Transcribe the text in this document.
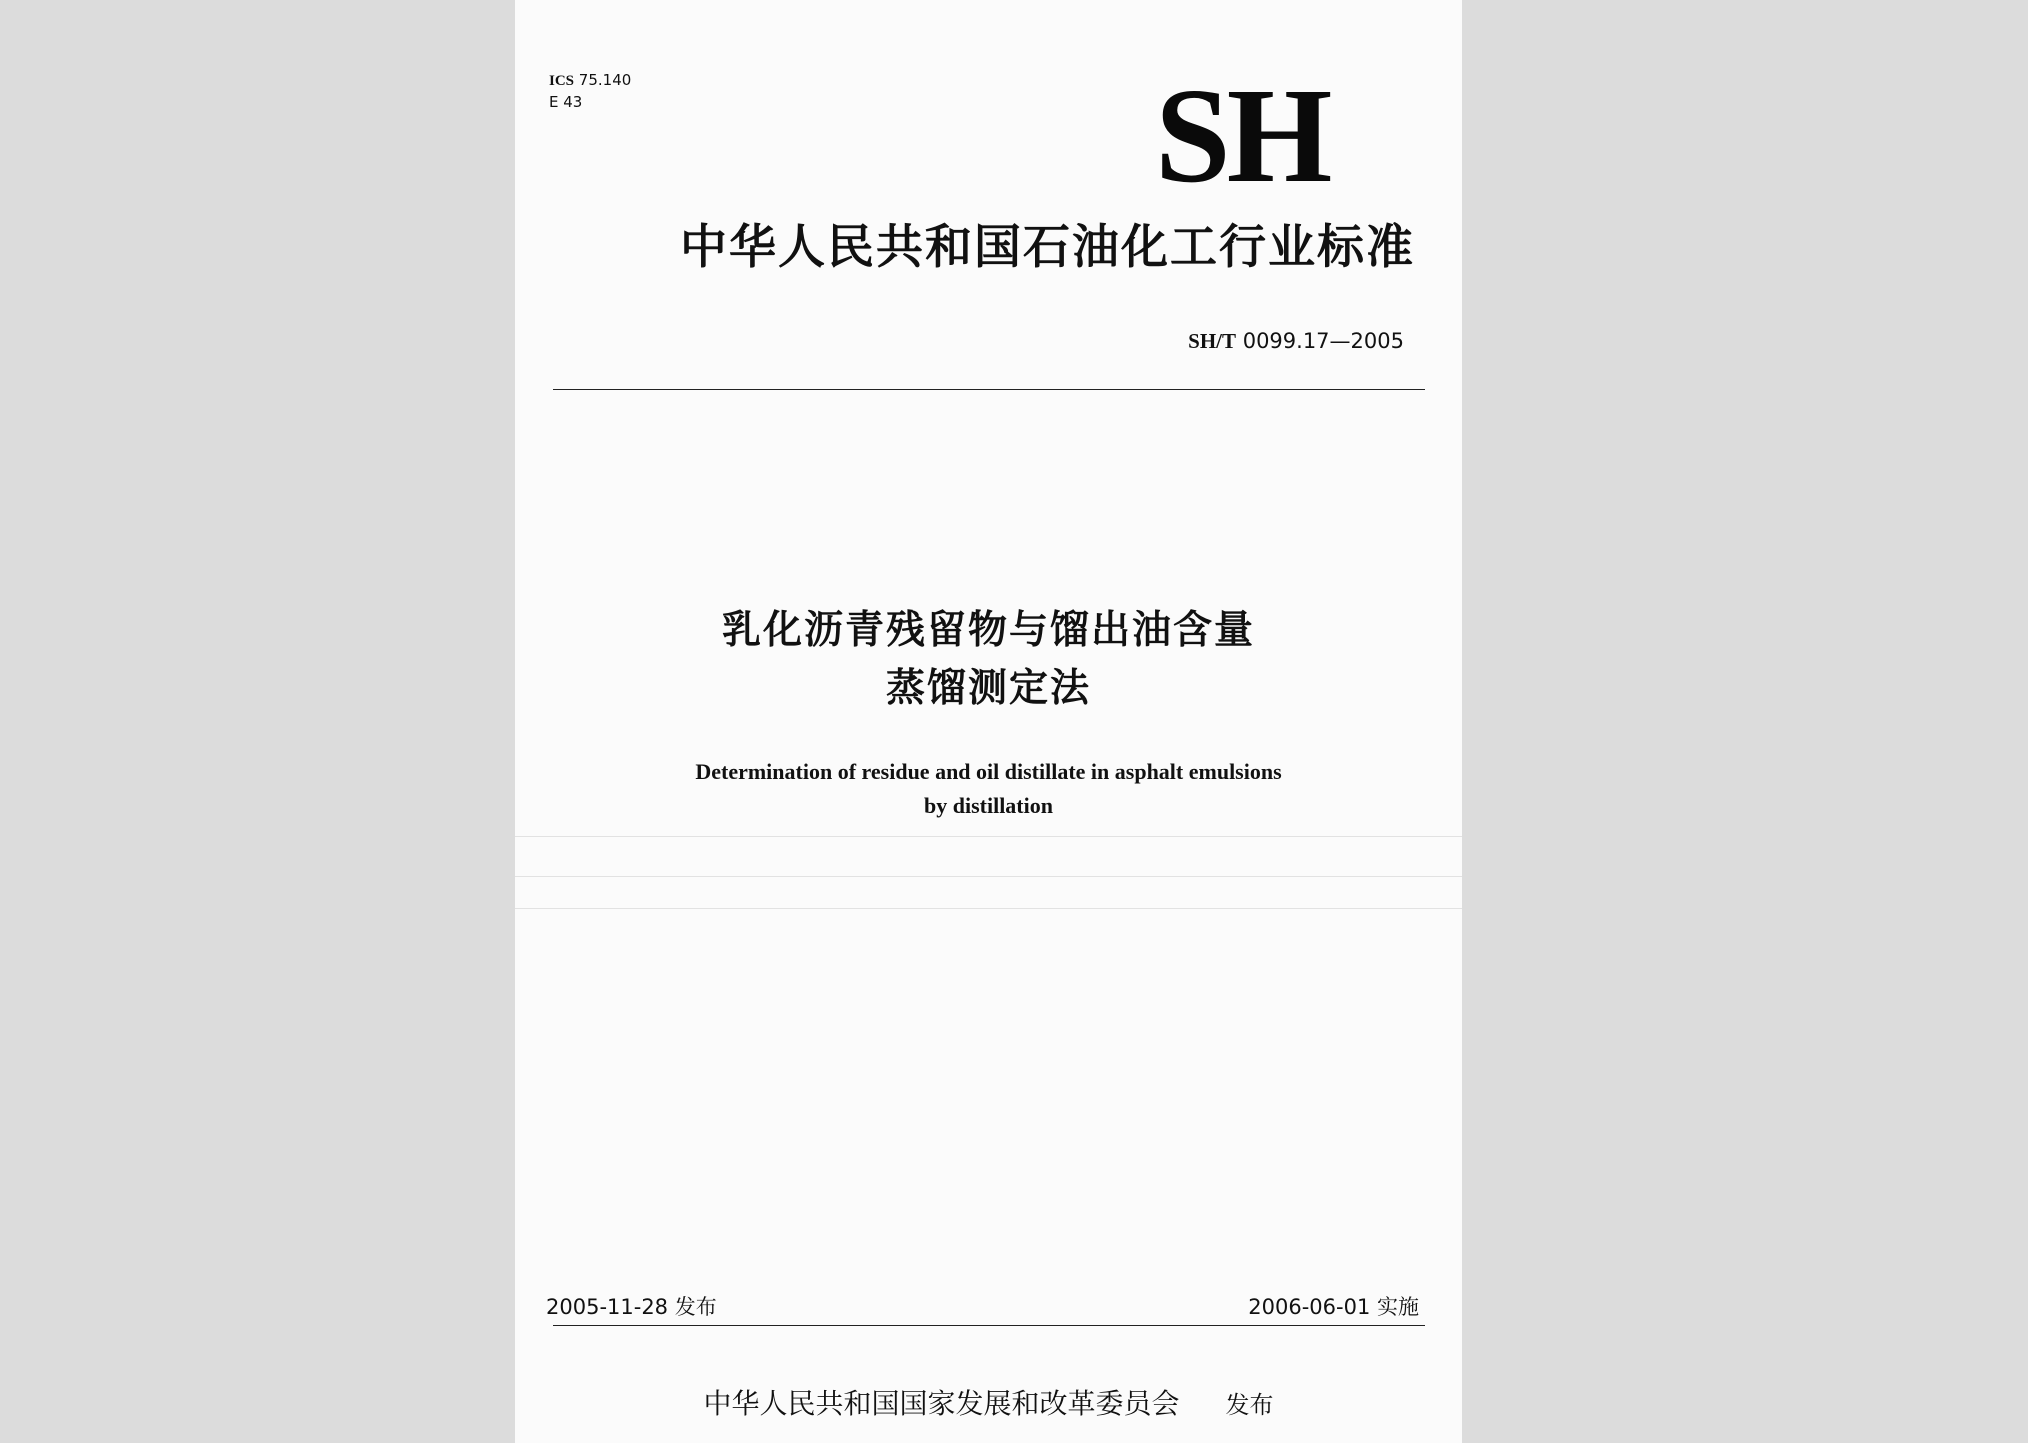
ICS 75.140
E 43	SH
中华人民共和国石油化工行业标准
SH/T 0099.17—2005
乳化沥青残留物与馏出油含量
蒸馏测定法
Determination of residue and oil distillate in asphalt emulsions
by distillation
2005-11-28 发布	2006-06-01 实施
中华人民共和国国家发展和改革委员会 发布
